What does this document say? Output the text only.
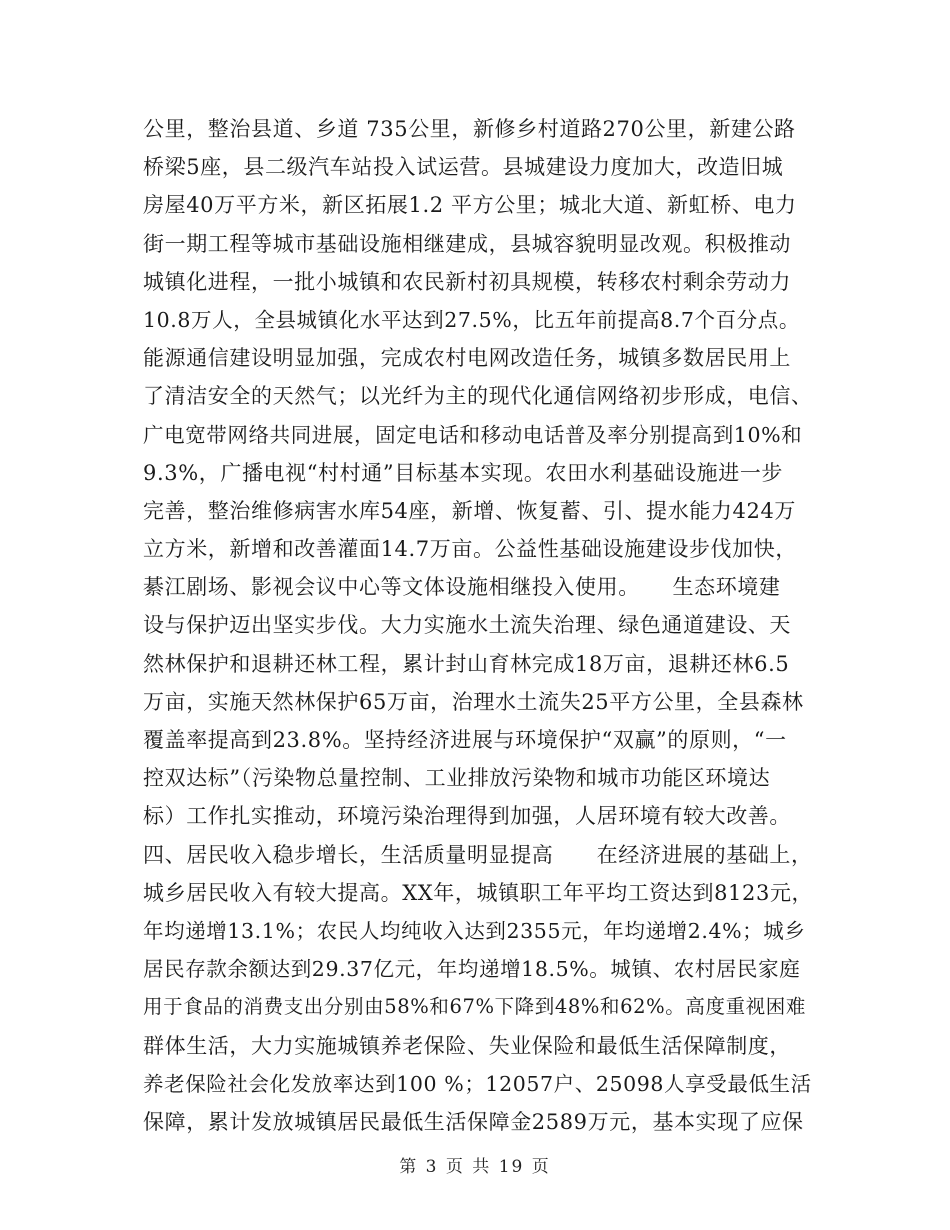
公里，整治县道、乡道 735公里，新修乡村道路270公里，新建公路
桥梁5座，县二级汽车站投入试运营。县城建设力度加大，改造旧城
房屋40万平方米，新区拓展1.2 平方公里；城北大道、新虹桥、电力
街一期工程等城市基础设施相继建成，县城容貌明显改观。积极推动
城镇化进程，一批小城镇和农民新村初具规模，转移农村剩余劳动力
10.8万人，全县城镇化水平达到27.5%，比五年前提高8.7个百分点。
能源通信建设明显加强，完成农村电网改造任务，城镇多数居民用上
了清洁安全的天然气；以光纤为主的现代化通信网络初步形成，电信、
广电宽带网络共同进展，固定电话和移动电话普及率分别提高到10%和
9.3%，广播电视“村村通”目标基本实现。农田水利基础设施进一步
完善，整治维修病害水库54座，新增、恢复蓄、引、提水能力424万
立方米，新增和改善灌面14.7万亩。公益性基础设施建设步伐加快，
綦江剧场、影视会议中心等文体设施相继投入使用。　　生态环境建
设与保护迈出坚实步伐。大力实施水土流失治理、绿色通道建设、天
然林保护和退耕还林工程，累计封山育林完成18万亩，退耕还林6.5
万亩，实施天然林保护65万亩，治理水土流失25平方公里，全县森林
覆盖率提高到23.8%。坚持经济进展与环境保护“双赢”的原则，“一
控双达标”（污染物总量控制、工业排放污染物和城市功能区环境达
标）工作扎实推动，环境污染治理得到加强，人居环境有较大改善。
四、居民收入稳步增长，生活质量明显提高　　在经济进展的基础上，
城乡居民收入有较大提高。XX年，城镇职工年平均工资达到8123元，
年均递增13.1%；农民人均纯收入达到2355元，年均递增2.4%；城乡
居民存款余额达到29.37亿元，年均递增18.5%。城镇、农村居民家庭
用于食品的消费支出分别由58%和67%下降到48%和62%。高度重视困难
群体生活，大力实施城镇养老保险、失业保险和最低生活保障制度，
养老保险社会化发放率达到100 %；12057户、25098人享受最低生活
保障，累计发放城镇居民最低生活保障金2589万元，基本实现了应保
第 3 页 共 19 页
